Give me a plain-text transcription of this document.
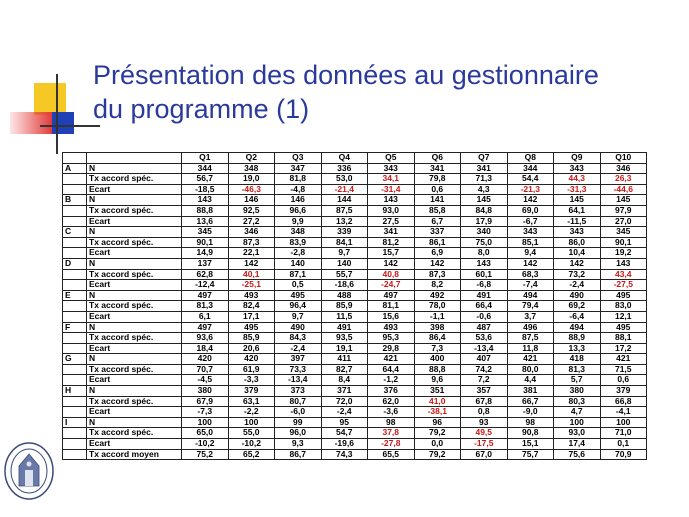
Présentation des données au gestionnaire
du programme (1)
		Q1	Q2	Q3	Q4	Q5	Q6	Q7	Q8	Q9	Q10
A	N	344	348	347	336	343	341	341	344	343	346
	Tx accord spéc.	56,7	19,0	81,8	53,0	34,1	79,8	71,3	54,4	44,3	26,3
	Ecart	-18,5	-46,3	-4,8	-21,4	-31,4	0,6	4,3	-21,3	-31,3	-44,6
B	N	143	146	146	144	143	141	145	142	145	145
	Tx accord spéc.	88,8	92,5	96,6	87,5	93,0	85,8	84,8	69,0	64,1	97,9
	Ecart	13,6	27,2	9,9	13,2	27,5	6,7	17,9	-6,7	-11,5	27,0
C	N	345	346	348	339	341	337	340	343	343	345
	Tx accord spéc.	90,1	87,3	83,9	84,1	81,2	86,1	75,0	85,1	86,0	90,1
	Ecart	14,9	22,1	-2,8	9,7	15,7	6,9	8,0	9,4	10,4	19,2
D	N	137	142	140	140	142	142	143	142	142	143
	Tx accord spéc.	62,8	40,1	87,1	55,7	40,8	87,3	60,1	68,3	73,2	43,4
	Ecart	-12,4	-25,1	0,5	-18,6	-24,7	8,2	-6,8	-7,4	-2,4	-27,5
E	N	497	493	495	488	497	492	491	494	490	495
	Tx accord spéc.	81,3	82,4	96,4	85,9	81,1	78,0	66,4	79,4	69,2	83,0
	Ecart	6,1	17,1	9,7	11,5	15,6	-1,1	-0,6	3,7	-6,4	12,1
F	N	497	495	490	491	493	398	487	496	494	495
	Tx accord spéc.	93,6	85,9	84,3	93,5	95,3	86,4	53,6	87,5	88,9	88,1
	Ecart	18,4	20,6	-2,4	19,1	29,8	7,3	-13,4	11,8	13,3	17,2
G	N	420	420	397	411	421	400	407	421	418	421
	Tx accord spéc.	70,7	61,9	73,3	82,7	64,4	88,8	74,2	80,0	81,3	71,5
	Ecart	-4,5	-3,3	-13,4	8,4	-1,2	9,6	7,2	4,4	5,7	0,6
H	N	380	379	373	371	376	351	357	381	380	379
	Tx accord spéc.	67,9	63,1	80,7	72,0	62,0	41,0	67,8	66,7	80,3	66,8
	Ecart	-7,3	-2,2	-6,0	-2,4	-3,6	-38,1	0,8	-9,0	4,7	-4,1
I	N	100	100	99	95	98	96	93	98	100	100
	Tx accord spéc.	65,0	55,0	96,0	54,7	37,8	79,2	49,5	90,8	93,0	71,0
	Ecart	-10,2	-10,2	9,3	-19,6	-27,8	0,0	-17,5	15,1	17,4	0,1
	Tx accord moyen	75,2	65,2	86,7	74,3	65,5	79,2	67,0	75,7	75,6	70,9
